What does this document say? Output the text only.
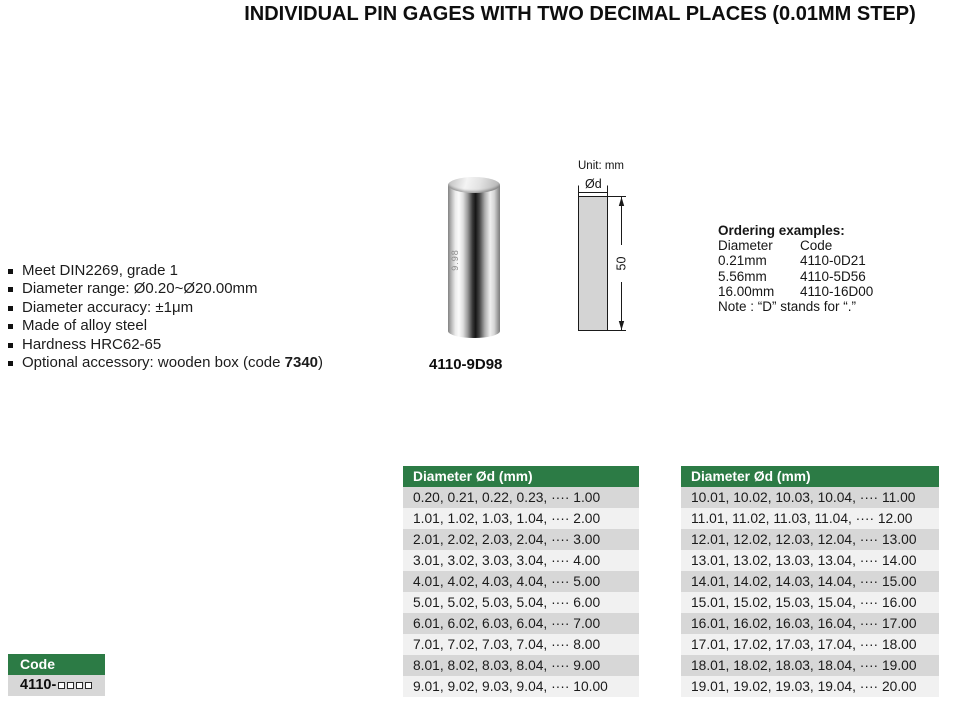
INDIVIDUAL PIN GAGES WITH TWO DECIMAL PLACES (0.01MM STEP)
Meet DIN2269, grade 1
Diameter range: Ø0.20~Ø20.00mm
Diameter accuracy: ±1μm
Made of alloy steel
Hardness HRC62-65
Optional accessory: wooden box (code 7340)
9.98
4110-9D98
Unit: mm
Ød
50
Ordering examples:
Diameter	Code
0.21mm	4110-0D21
5.56mm	4110-5D56
16.00mm	4110-16D00
Note : “D” stands for “.”
Diameter Ød (mm)
0.20, 0.21, 0.22, 0.23, ···· 1.00
1.01, 1.02, 1.03, 1.04, ···· 2.00
2.01, 2.02, 2.03, 2.04, ···· 3.00
3.01, 3.02, 3.03, 3.04, ···· 4.00
4.01, 4.02, 4.03, 4.04, ···· 5.00
5.01, 5.02, 5.03, 5.04, ···· 6.00
6.01, 6.02, 6.03, 6.04, ···· 7.00
7.01, 7.02, 7.03, 7.04, ···· 8.00
8.01, 8.02, 8.03, 8.04, ···· 9.00
9.01, 9.02, 9.03, 9.04, ···· 10.00
Diameter Ød (mm)
10.01, 10.02, 10.03, 10.04, ···· 11.00
11.01, 11.02, 11.03, 11.04, ···· 12.00
12.01, 12.02, 12.03, 12.04, ···· 13.00
13.01, 13.02, 13.03, 13.04, ···· 14.00
14.01, 14.02, 14.03, 14.04, ···· 15.00
15.01, 15.02, 15.03, 15.04, ···· 16.00
16.01, 16.02, 16.03, 16.04, ···· 17.00
17.01, 17.02, 17.03, 17.04, ···· 18.00
18.01, 18.02, 18.03, 18.04, ···· 19.00
19.01, 19.02, 19.03, 19.04, ···· 20.00
Code
4110-
